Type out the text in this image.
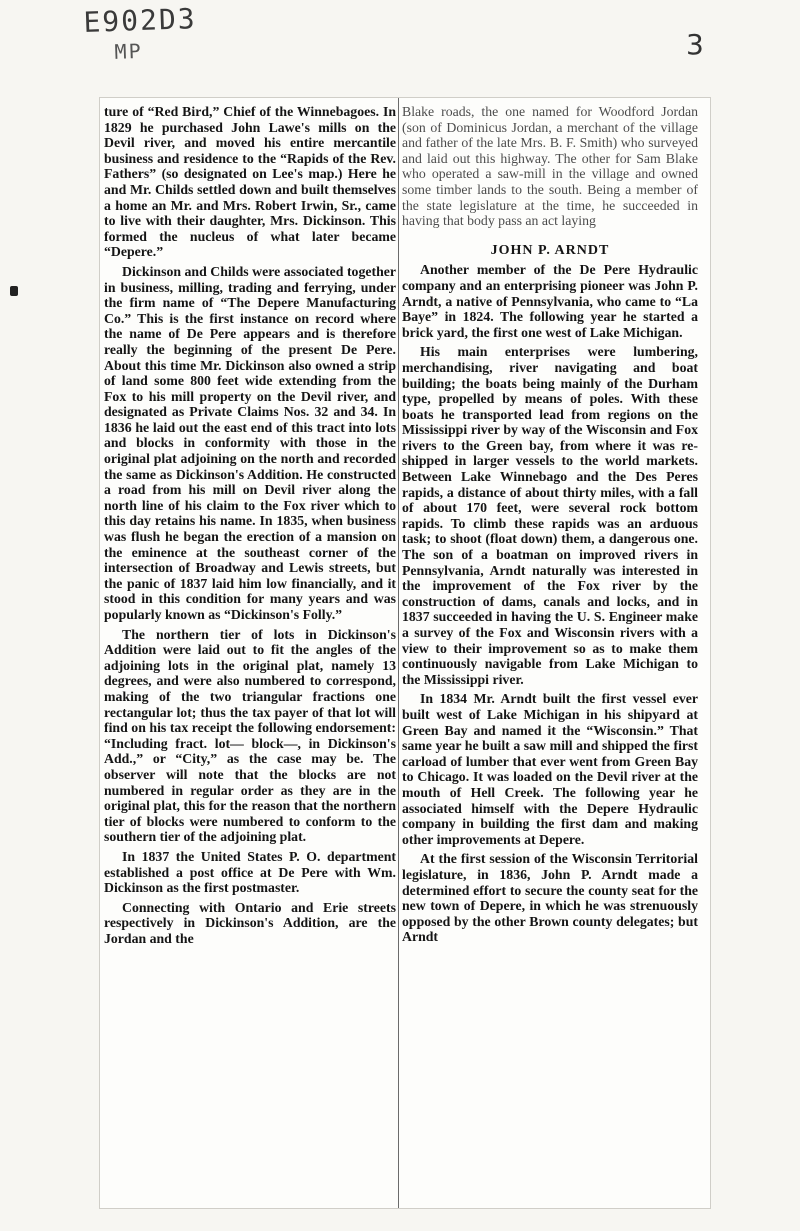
E902D3
MP	3

ture of “Red Bird,” Chief of the Winnebagoes. In 1829 he purchased John Lawe's mills on the Devil river, and moved his entire mercantile business and residence to the “Rapids of the Rev. Fathers” (so designated on Lee's map.) Here he and Mr. Childs settled down and built themselves a home an Mr. and Mrs. Robert Irwin, Sr., came to live with their daughter, Mrs. Dickinson. This formed the nucleus of what later became “Depere.”

Dickinson and Childs were associated together in business, milling, trading and ferrying, under the firm name of “The Depere Manufacturing Co.” This is the first instance on record where the name of De Pere appears and is therefore really the beginning of the present De Pere. About this time Mr. Dickinson also owned a strip of land some 800 feet wide extending from the Fox to his mill property on the Devil river, and designated as Private Claims Nos. 32 and 34. In 1836 he laid out the east end of this tract into lots and blocks in conformity with those in the original plat adjoining on the north and recorded the same as Dickinson's Addition. He constructed a road from his mill on Devil river along the north line of his claim to the Fox river which to this day retains his name. In 1835, when business was flush he began the erection of a mansion on the eminence at the southeast corner of the intersection of Broadway and Lewis streets, but the panic of 1837 laid him low financially, and it stood in this condition for many years and was popularly known as “Dickinson's Folly.”

The northern tier of lots in Dickinson's Addition were laid out to fit the angles of the adjoining lots in the original plat, namely 13 degrees, and were also numbered to correspond, making of the two triangular fractions one rectangular lot; thus the tax payer of that lot will find on his tax receipt the following endorsement: “Including fract. lot— block—, in Dickinson's Add.,” or “City,” as the case may be. The observer will note that the blocks are not numbered in regular order as they are in the original plat, this for the reason that the northern tier of blocks were numbered to conform to the southern tier of the adjoining plat.

In 1837 the United States P. O. department established a post office at De Pere with Wm. Dickinson as the first postmaster.

Connecting with Ontario and Erie streets respectively in Dickinson's Addition, are the Jordan and the

Blake roads, the one named for Woodford Jordan (son of Dominicus Jordan, a merchant of the village and father of the late Mrs. B. F. Smith) who surveyed and laid out this highway. The other for Sam Blake who operated a saw-mill in the village and owned some timber lands to the south. Being a member of the state legislature at the time, he succeeded in having that body pass an act laying

JOHN P. ARNDT

Another member of the De Pere Hydraulic company and an enterprising pioneer was John P. Arndt, a native of Pennsylvania, who came to “La Baye” in 1824. The following year he started a brick yard, the first one west of Lake Michigan.

His main enterprises were lumbering, merchandising, river navigating and boat building; the boats being mainly of the Durham type, propelled by means of poles. With these boats he transported lead from regions on the Mississippi river by way of the Wisconsin and Fox rivers to the Green bay, from where it was re-shipped in larger vessels to the world markets. Between Lake Winnebago and the Des Peres rapids, a distance of about thirty miles, with a fall of about 170 feet, were several rock bottom rapids. To climb these rapids was an arduous task; to shoot (float down) them, a dangerous one. The son of a boatman on improved rivers in Pennsylvania, Arndt naturally was interested in the improvement of the Fox river by the construction of dams, canals and locks, and in 1837 succeeded in having the U. S. Engineer make a survey of the Fox and Wisconsin rivers with a view to their improvement so as to make them continuously navigable from Lake Michigan to the Mississippi river.

In 1834 Mr. Arndt built the first vessel ever built west of Lake Michigan in his shipyard at Green Bay and named it the “Wisconsin.” That same year he built a saw mill and shipped the first carload of lumber that ever went from Green Bay to Chicago. It was loaded on the Devil river at the mouth of Hell Creek. The following year he associated himself with the Depere Hydraulic company in building the first dam and making other improvements at Depere.

At the first session of the Wisconsin Territorial legislature, in 1836, John P. Arndt made a determined effort to secure the county seat for the new town of Depere, in which he was strenuously opposed by the other Brown county delegates; but Arndt
